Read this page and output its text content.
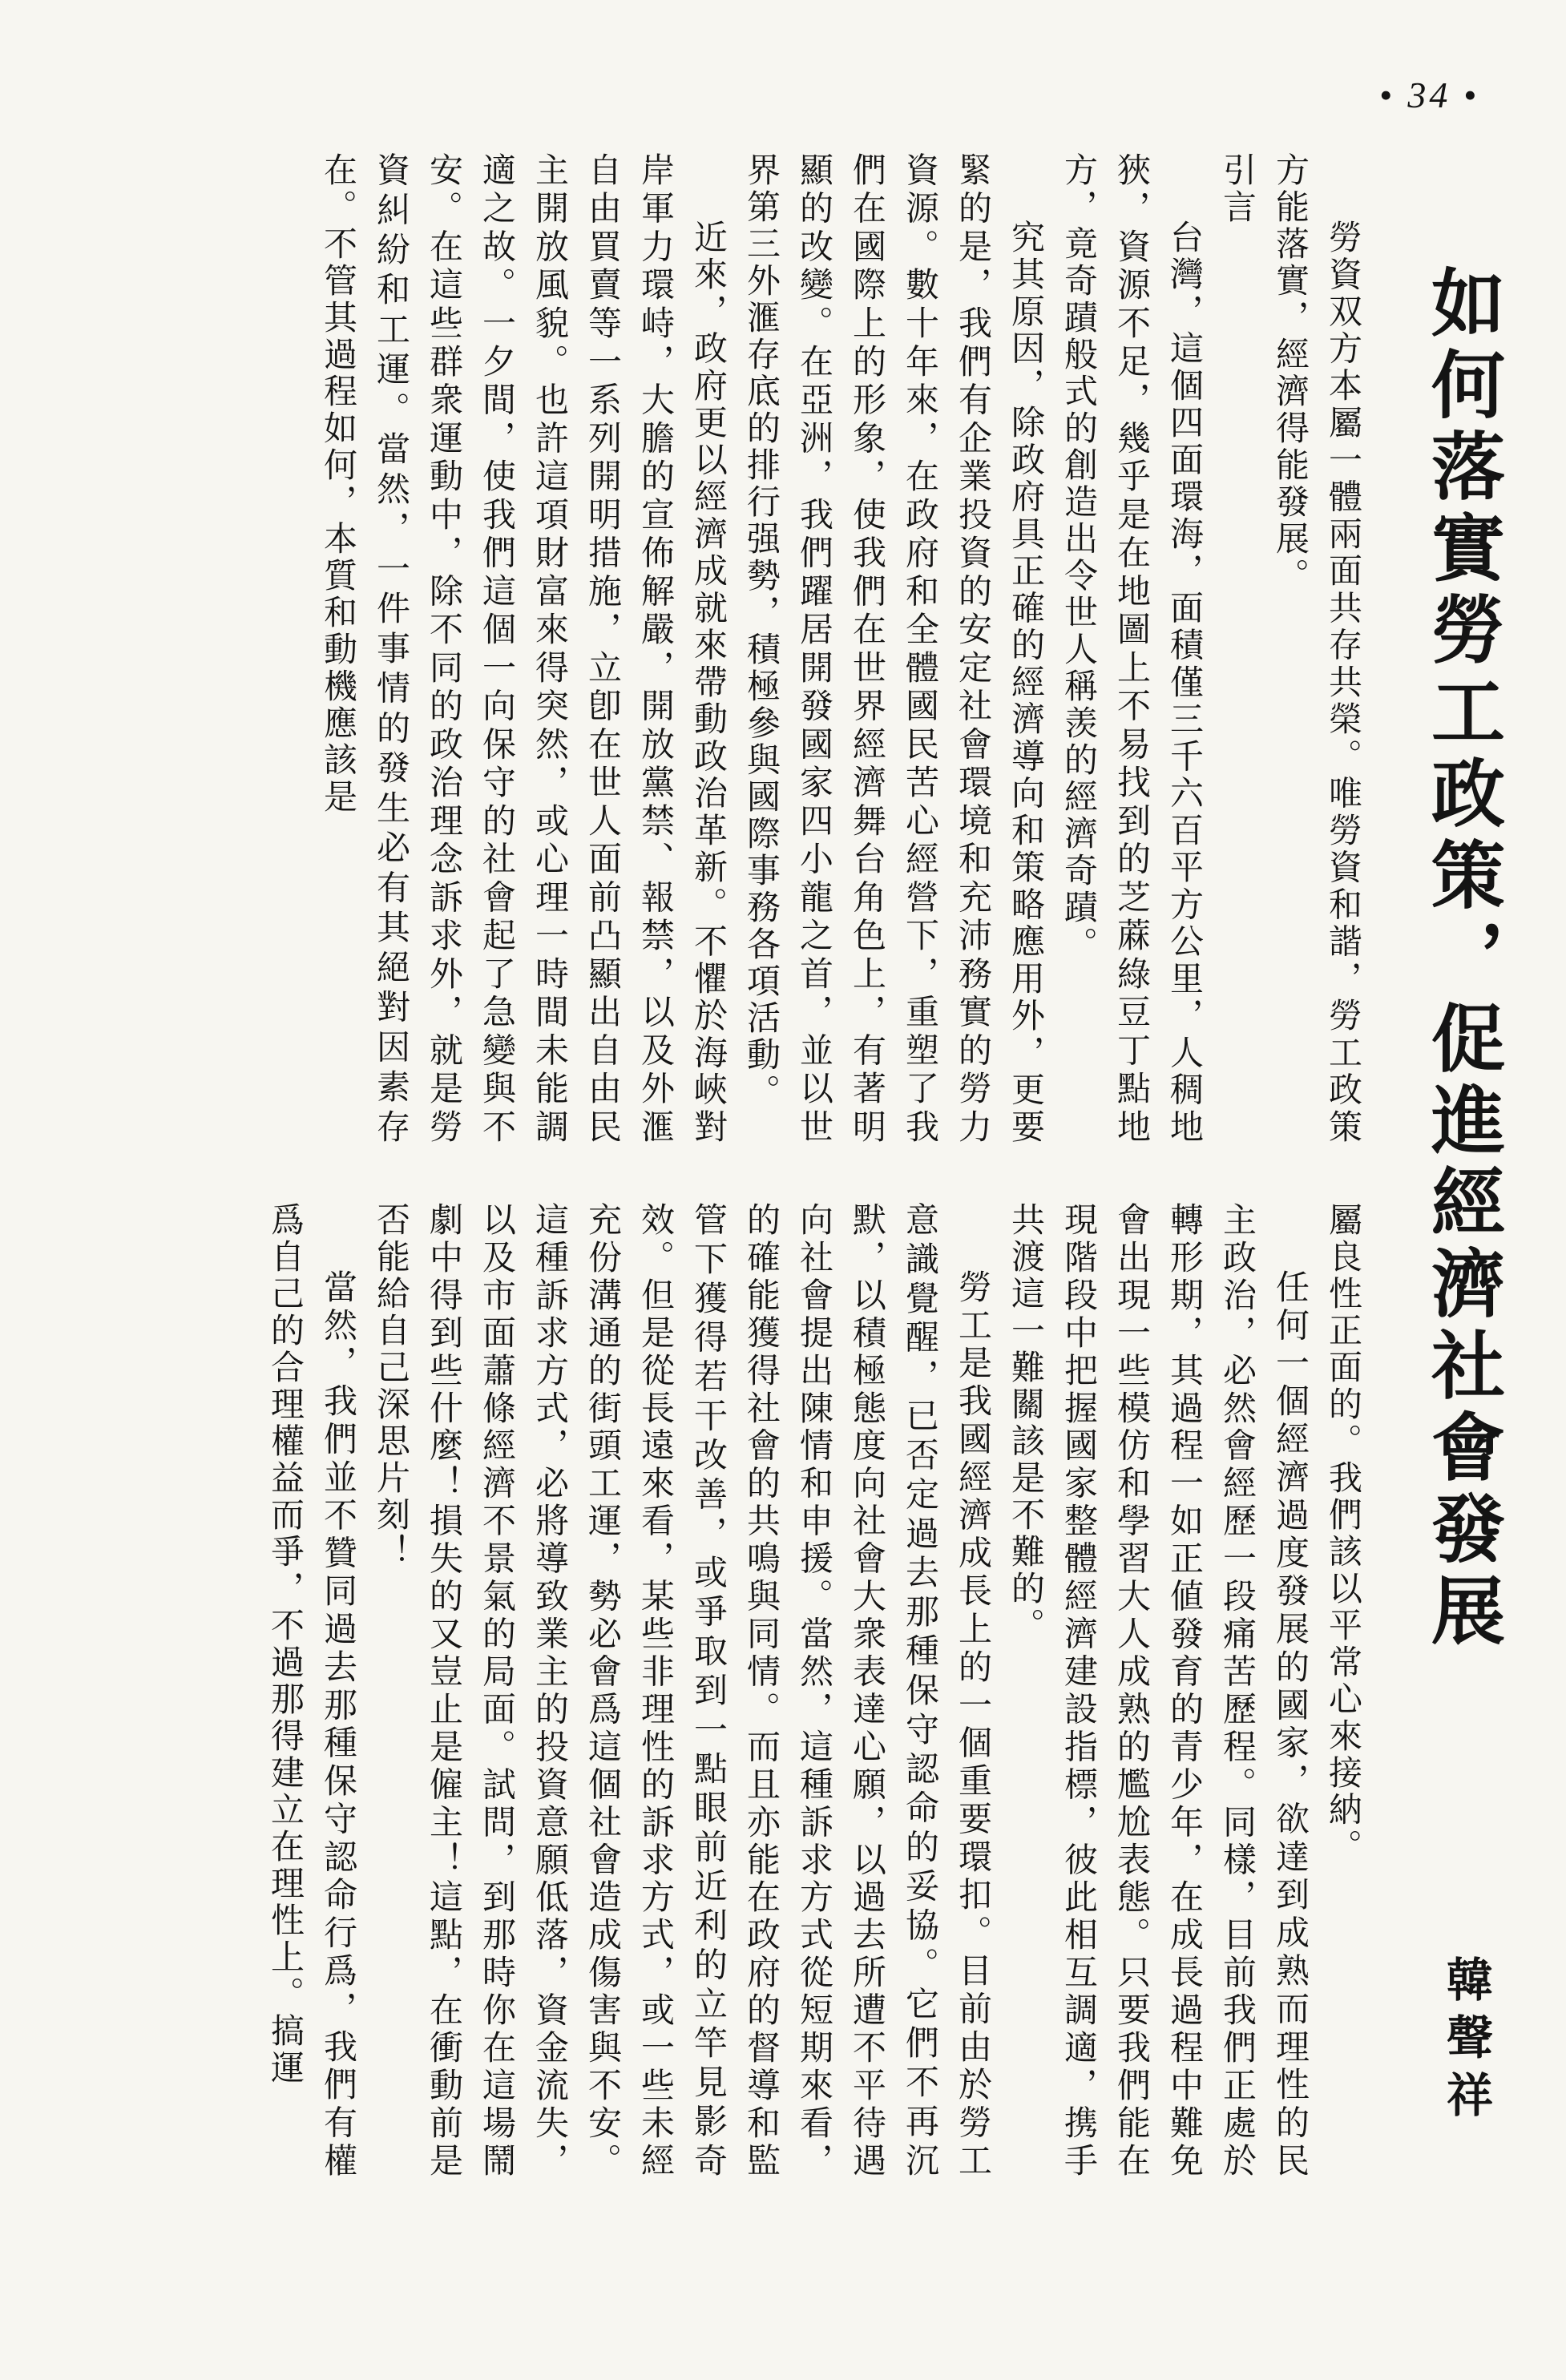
• 34 •
如何落實勞工政策，促進經濟社會發展
韓聲祥

勞資双方本屬一體兩面共存共榮。唯勞資和諧，勞工政策方能落實，經濟得能發展。

引言

台灣，這個四面環海，面積僅三千六百平方公里，人稠地狹，資源不足，幾乎是在地圖上不易找到的芝蔴綠豆丁點地方，竟奇蹟般式的創造出令世人稱羡的經濟奇蹟。

究其原因，除政府具正確的經濟導向和策略應用外，更要緊的是，我們有企業投資的安定社會環境和充沛務實的勞力資源。數十年來，在政府和全體國民苦心經營下，重塑了我們在國際上的形象，使我們在世界經濟舞台角色上，有著明顯的改變。在亞洲，我們躍居開發國家四小龍之首，並以世界第三外滙存底的排行强勢，積極參與國際事務各項活動。

近來，政府更以經濟成就來帶動政治革新。不懼於海峽對岸軍力環峙，大膽的宣佈解嚴，開放黨禁、報禁，以及外滙自由買賣等一系列開明措施，立卽在世人面前凸顯出自由民主開放風貌。也許這項財富來得突然，或心理一時間未能調適之故。一夕間，使我們這個一向保守的社會起了急變與不安。在這些群衆運動中，除不同的政治理念訴求外，就是勞資糾紛和工運。當然，一件事情的發生必有其絕對因素存在。不管其過程如何，本質和動機應該是

屬良性正面的。我們該以平常心來接納。

任何一個經濟過度發展的國家，欲達到成熟而理性的民主政治，必然會經歷一段痛苦歷程。同樣，目前我們正處於轉形期，其過程一如正値發育的青少年，在成長過程中難免會出現一些模仿和學習大人成熟的尷尬表態。只要我們能在現階段中把握國家整體經濟建設指標，彼此相互調適，携手共渡這一難關該是不難的。

勞工是我國經濟成長上的一個重要環扣。目前由於勞工意識覺醒，已否定過去那種保守認命的妥協。它們不再沉默，以積極態度向社會大衆表達心願，以過去所遭不平待遇向社會提出陳情和申援。當然，這種訴求方式從短期來看，的確能獲得社會的共鳴與同情。而且亦能在政府的督導和監管下獲得若干改善，或爭取到一點眼前近利的立竿見影奇效。但是從長遠來看，某些非理性的訴求方式，或一些未經充份溝通的街頭工運，勢必會爲這個社會造成傷害與不安。這種訴求方式，必將導致業主的投資意願低落，資金流失，以及市面蕭條經濟不景氣的局面。試問，到那時你在這場鬧劇中得到些什麼！損失的又豈止是僱主！這點，在衝動前是否能給自己深思片刻！

當然，我們並不贊同過去那種保守認命行爲，我們有權爲自己的合理權益而爭，不過那得建立在理性上。搞運
